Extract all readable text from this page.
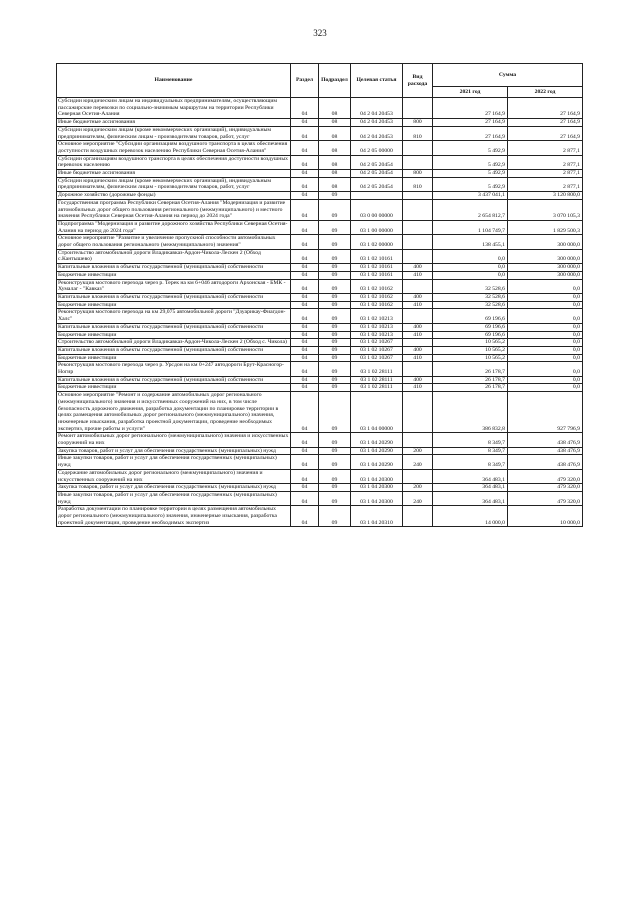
323
Наименование	Раздел	Подраздел	Целевая статья	Вид расхода	Сумма	
					2021 год	2022 год
Субсидии юридическим лицам на индивидуальных предпринимателям, осуществляющим пассажирские перевозки по социально-значимым маршрутам на территории Республики Северная Осетия-Алания	04	08	04 2 04 20453		27 164,9	27 164,9
Иные бюджетные ассигнования	04	08	04 2 04 20453	800	27 164,9	27 164,9
Субсидии юридическим лицам (кроме некоммерческих организаций), индивидуальным предпринимателям, физическим лицам - производителям товаров, работ, услуг	04	08	04 2 04 20453	810	27 164,9	27 164,9
Основное мероприятие "Субсидии организациям воздушного транспорта в целях обеспечения доступности воздушных перевозок населению Республики Северная Осетия-Алания"	04	08	04 2 05 00000		5 492,9	2 877,1
Субсидии организациям воздушного транспорта в целях обеспечения доступности воздушных перевозок населению	04	08	04 2 05 20454		5 492,9	2 877,1
Иные бюджетные ассигнования	04	08	04 2 05 20454	800	5 492,9	2 877,1
Субсидии юридическим лицам (кроме некоммерческих организаций), индивидуальным предпринимателям, физическим лицам - производителям товаров, работ, услуг	04	08	04 2 05 20454	810	5 492,9	2 877,1
Дорожное хозяйство (дорожные фонды)	04	09			3 437 041,1	3 120 800,0
Государственная программа Республики Северная Осетия-Алания "Модернизация и развитие автомобильных дорог общего пользования регионального (межмуниципального) и местного значения Республики Северная Осетия-Алания на период до 2024 года"	04	09	03 0 00 00000		2 654 812,7	3 070 105,3
Подпрограмма "Модернизация и развитие дорожного хозяйства Республики Северная Осетия-Алания на период до 2024 года"	04	09	03 1 00 00000		1 104 749,7	1 829 500,3
Основное мероприятие "Развитие и увеличение пропускной способности автомобильных дорог общего пользования регионального (межмуниципального) значения"	04	09	03 1 02 00000		138 455,1	300 000,0
Строительство автомобильной дороги Владикавказ-Ардон-Чикола-Лескен 2 (Обход с.Кантышево)	04	09	03 1 02 10161		0,0	300 000,0
Капитальные вложения в объекты государственной (муниципальной) собственности	04	09	03 1 02 10161	400	0,0	300 000,0
Бюджетные инвестиции	04	09	03 1 02 10161	410	0,0	300 000,0
Реконструкция мостового перехода через р. Терек на км 6+046 автодороги Архонская - БМК - Хумалаг - "Кавказ"	04	09	03 1 02 10162		32 528,6	0,0
Капитальные вложения в объекты государственной (муниципальной) собственности	04	09	03 1 02 10162	400	32 528,6	0,0
Бюджетные инвестиции	04	09	03 1 02 10162	410	32 528,6	0,0
Реконструкция мостового перехода на км 29,075 автомобильной дороги "Дзуарикау-Фиагдон-Халс"	04	09	03 1 02 10213		69 196,6	0,0
Капитальные вложения в объекты государственной (муниципальной) собственности	04	09	03 1 02 10213	400	69 196,6	0,0
Бюджетные инвестиции	04	09	03 1 02 10213	410	69 196,6	0,0
Строительство автомобильной дороги Владикавказ-Ардон-Чикола-Лескен 2 (Обход с. Чикола)	04	09	03 1 02 10267		10 565,2	0,0
Капитальные вложения в объекты государственной (муниципальной) собственности	04	09	03 1 02 10267	400	10 565,2	0,0
Бюджетные инвестиции	04	09	03 1 02 10267	410	10 565,2	0,0
Реконструкция мостового перехода через р. Урсдон на км 0+247 автодороги Брут-Красногор-Ногир	04	09	03 1 02 28111		26 178,7	0,0
Капитальные вложения в объекты государственной (муниципальной) собственности	04	09	03 1 02 28111	400	26 178,7	0,0
Бюджетные инвестиции	04	09	03 1 02 28111	410	26 178,7	0,0
Основное мероприятие "Ремонт и содержание автомобильных дорог регионального (межмуниципального) значения и искусственных сооружений на них, в том числе безопасность дорожного движения, разработка документации по планировке территории в целях размещения автомобильных дорог регионального (межмуниципального) значения, инженерные изыскания, разработка проектной документации, проведение необходимых экспертиз, прочие работы и услуги"	04	09	03 1 04 00000		386 832,8	927 796,9
Ремонт автомобильных дорог регионального (межмуниципального) значения и искусственных сооружений на них	04	09	03 1 04 20290		8 349,7	438 476,9
Закупка товаров, работ и услуг для обеспечения государственных (муниципальных) нужд	04	09	03 1 04 20290	200	8 349,7	438 476,9
Иные закупки товаров, работ и услуг для обеспечения государственных (муниципальных) нужд	04	09	03 1 04 20290	240	8 349,7	438 476,9
Содержание автомобильных дорог регионального (межмуниципального) значения и искусственных сооружений на них	04	09	03 1 04 20300		364 483,1	479 320,0
Закупка товаров, работ и услуг для обеспечения государственных (муниципальных) нужд	04	09	03 1 04 20300	200	364 483,1	479 320,0
Иные закупки товаров, работ и услуг для обеспечения государственных (муниципальных) нужд	04	09	03 1 04 20300	240	364 483,1	479 320,0
Разработка документации по планировке территории в целях размещения автомобильных дорог регионального (межмуниципального) значения, инженерные изыскания, разработка проектной документации, проведение необходимых экспертиз	04	09	03 1 04 20310		14 000,0	10 000,0
